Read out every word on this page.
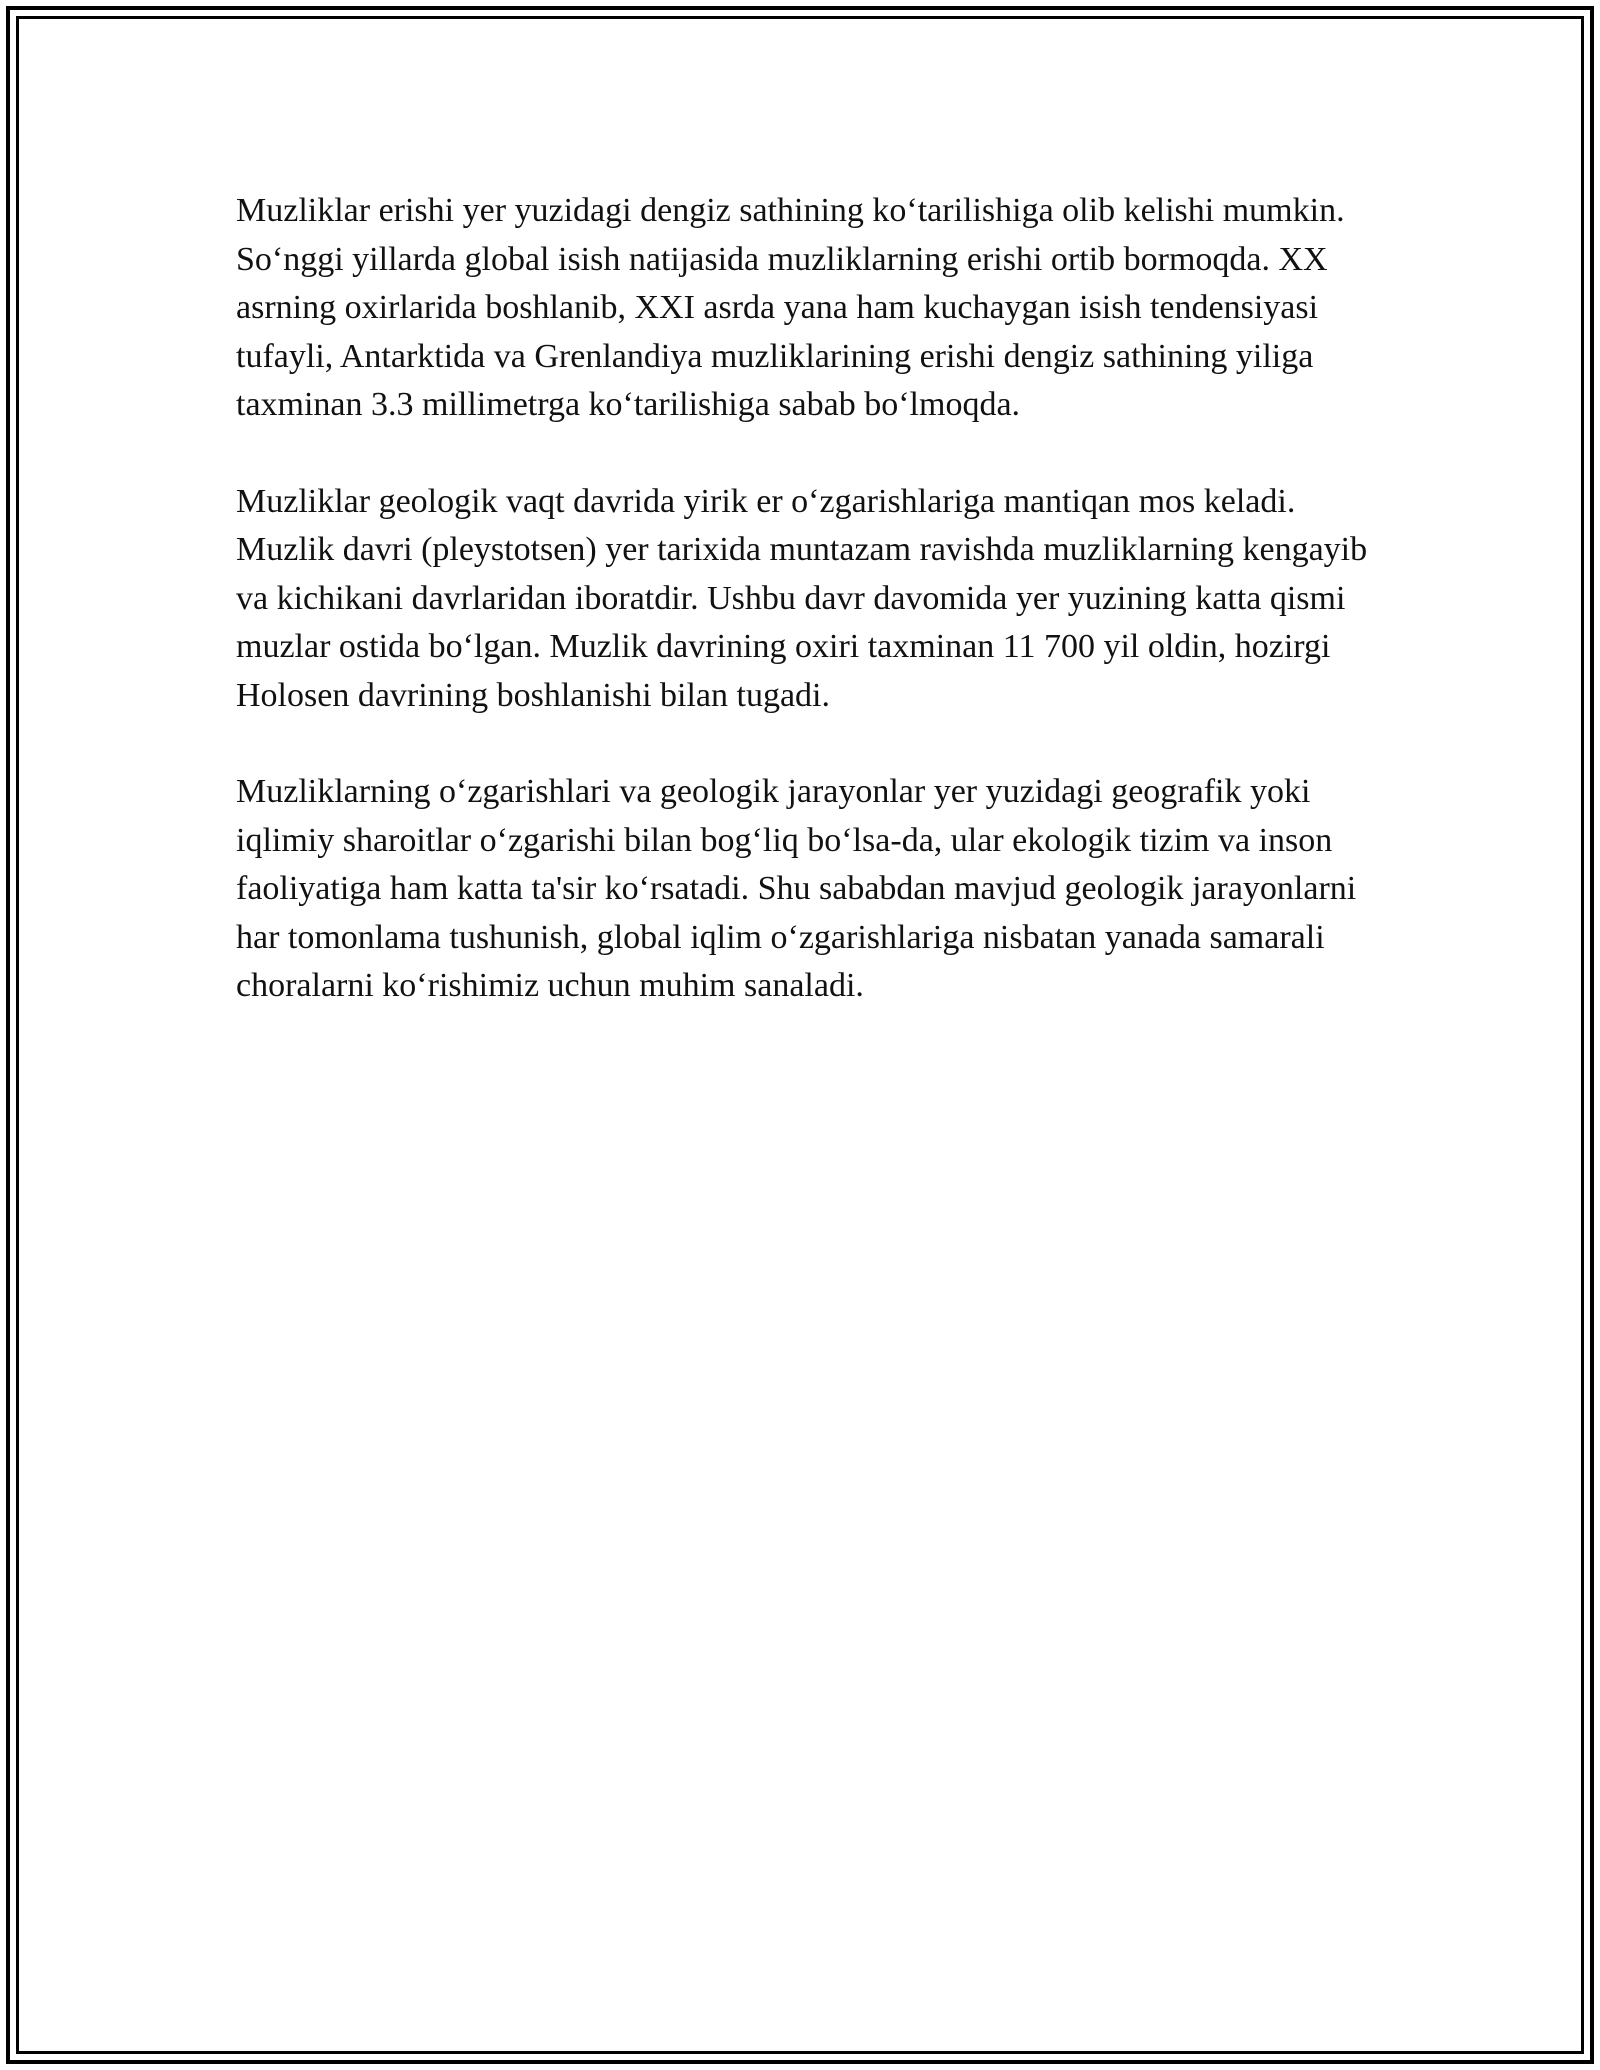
Muzliklar erishi yer yuzidagi dengiz sathining ko‘tarilishiga olib kelishi mumkin. So‘nggi yillarda global isish natijasida muzliklarning erishi ortib bormoqda. XX asrning oxirlarida boshlanib, XXI asrda yana ham kuchaygan isish tendensiyasi tufayli, Antarktida va Grenlandiya muzliklarining erishi dengiz sathining yiliga taxminan 3.3 millimetrga ko‘tarilishiga sabab bo‘lmoqda.

Muzliklar geologik vaqt davrida yirik er o‘zgarishlariga mantiqan mos keladi. Muzlik davri (pleystotsen) yer tarixida muntazam ravishda muzliklarning kengayib va kichikani davrlaridan iboratdir. Ushbu davr davomida yer yuzining katta qismi muzlar ostida bo‘lgan. Muzlik davrining oxiri taxminan 11 700 yil oldin, hozirgi Holosen davrining boshlanishi bilan tugadi.

Muzliklarning o‘zgarishlari va geologik jarayonlar yer yuzidagi geografik yoki iqlimiy sharoitlar o‘zgarishi bilan bog‘liq bo‘lsa-da, ular ekologik tizim va inson faoliyatiga ham katta ta'sir ko‘rsatadi. Shu sababdan mavjud geologik jarayonlarni har tomonlama tushunish, global iqlim o‘zgarishlariga nisbatan yanada samarali choralarni ko‘rishimiz uchun muhim sanaladi.
